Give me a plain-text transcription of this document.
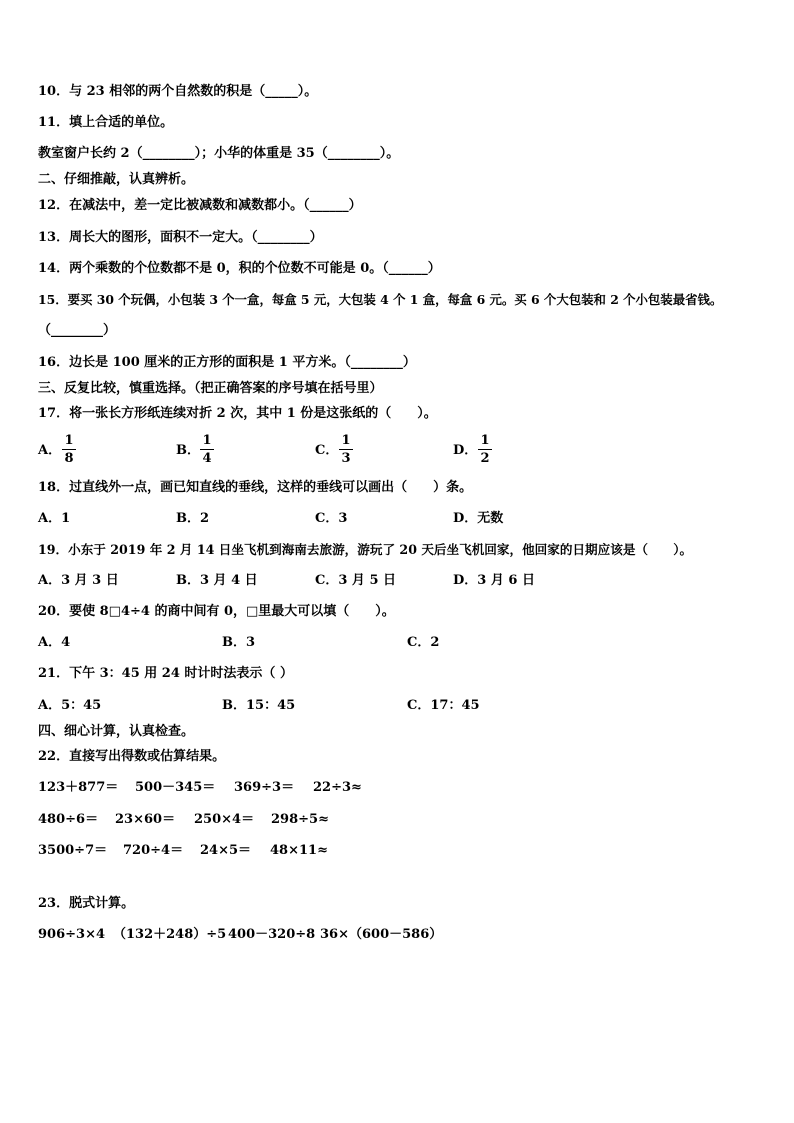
10．与 23 相邻的两个自然数的积是（_____）。
11．填上合适的单位。
教室窗户长约 2（________）；小华的体重是 35（________）。
二、仔细推敲，认真辨析。
12．在减法中，差一定比被减数和减数都小。（______）
13．周长大的图形，面积不一定大。（________）
14．两个乘数的个位数都不是 0，积的个位数不可能是 0。（______）
15．要买 30 个玩偶，小包装 3 个一盒，每盒 5 元，大包装 4 个 1 盒，每盒 6 元。买 6 个大包装和 2 个小包装最省钱。
（________）
16．边长是 100 厘米的正方形的面积是 1 平方米。（________）
三、反复比较，慎重选择。（把正确答案的序号填在括号里）
17．将一张长方形纸连续对折 2 次，其中 1 份是这张纸的（　　）。
A．
1
8
B．
1
4
C．
1
3
D．
1
2
18．过直线外一点，画已知直线的垂线，这样的垂线可以画出（　　）条。
A．1	B．2	C．3	D．无数
19．小东于 2019 年 2 月 14 日坐飞机到海南去旅游，游玩了 20 天后坐飞机回家，他回家的日期应该是（　　）。
A．3 月 3 日	B．3 月 4 日	C．3 月 5 日	D．3 月 6 日
20．要使 8□4÷4 的商中间有 0，□里最大可以填（　　）。
A．4	B．3	C．2
21．下午 3：45 用 24 时计时法表示（ ）
A．5：45	B．15：45	C．17：45
四、细心计算，认真检查。
22．直接写出得数或估算结果。
123＋877＝ 500－345＝ 369÷3＝ 22÷3≈
480÷6＝ 23×60＝ 250×4＝ 298÷5≈
3500÷7＝ 720÷4＝ 24×5＝ 48×11≈
23．脱式计算。
906÷3×4 （132＋248）÷5 400－320÷8 36×（600－586）
